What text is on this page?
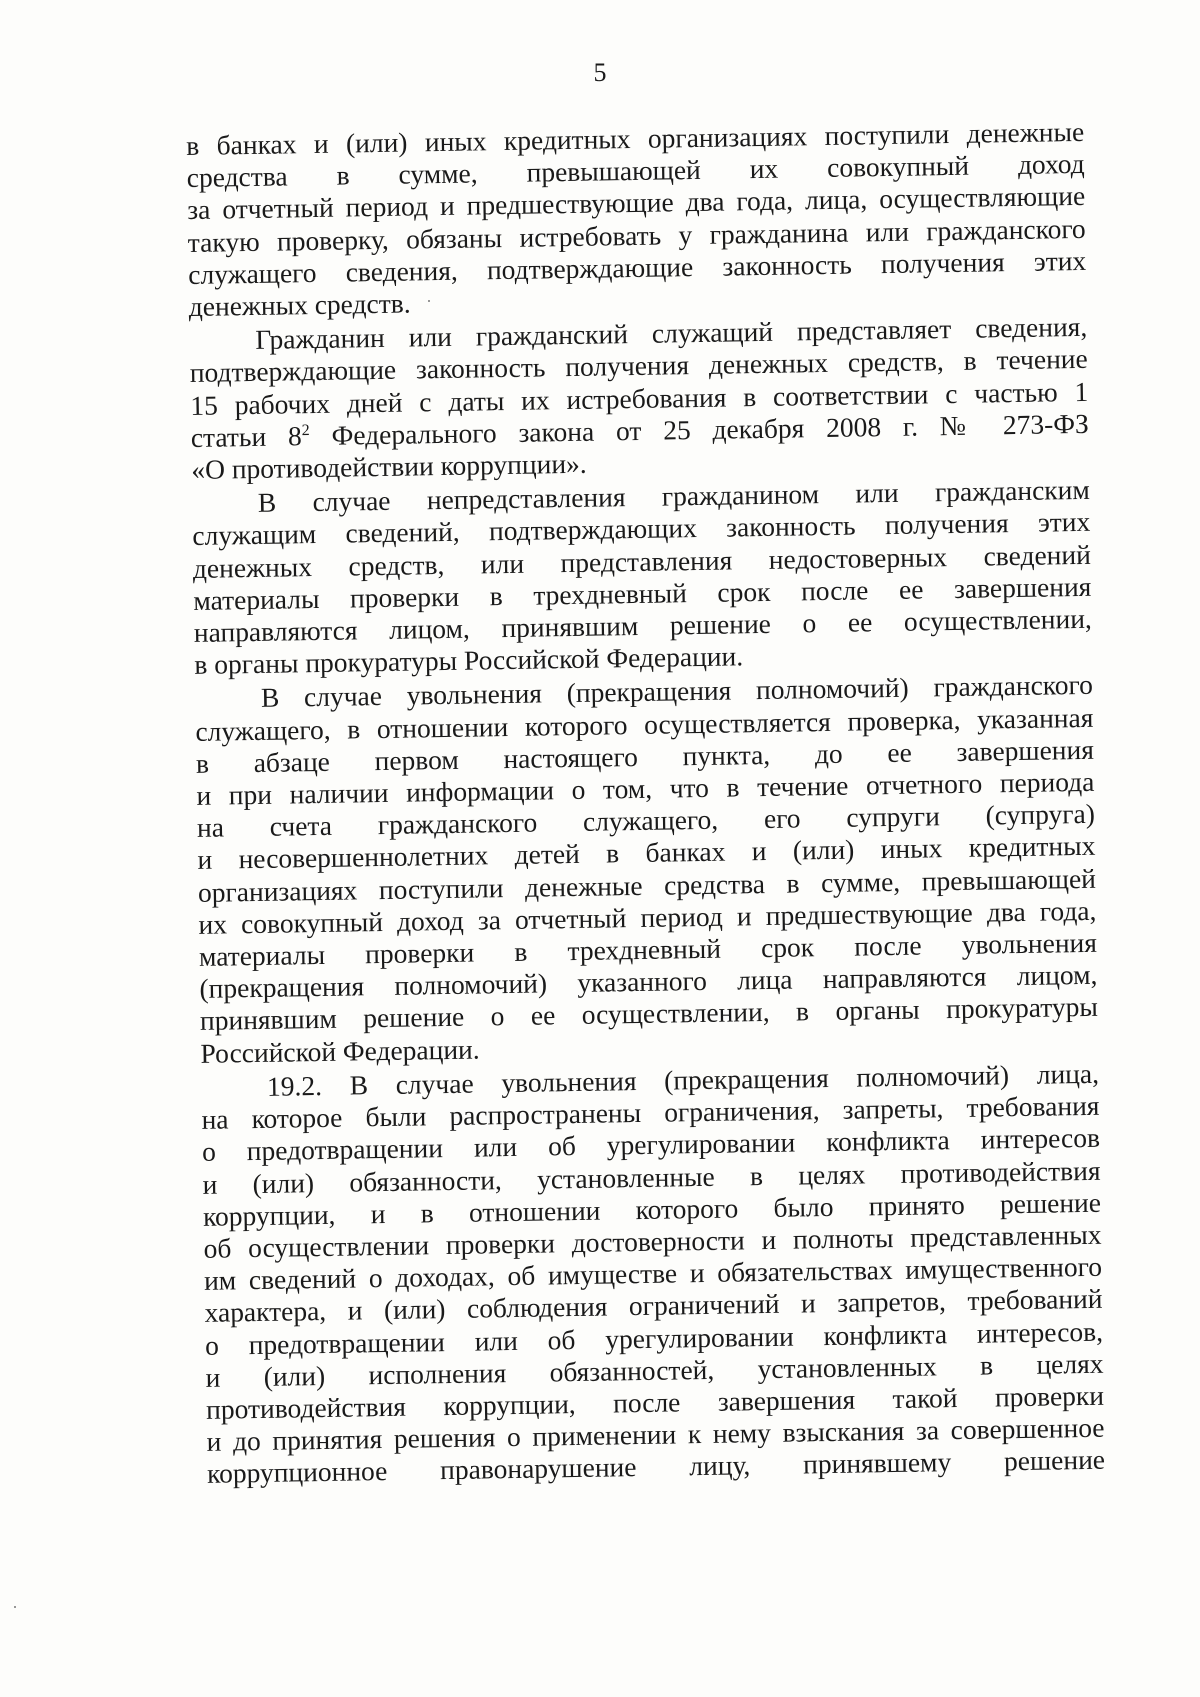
5
в банках и (или) иных кредитных организациях поступили денежные
средства в сумме, превышающей их совокупный доход
за отчетный период и предшествующие два года, лица, осуществляющие
такую проверку, обязаны истребовать у гражданина или гражданского
служащего сведения, подтверждающие законность получения этих
денежных средств.
Гражданин или гражданский служащий представляет сведения,
подтверждающие законность получения денежных средств, в течение
15 рабочих дней с даты их истребования в соответствии с частью 1
статьи $8^2$ Федерального закона от 25 декабря 2008 г. № 273-ФЗ
«О противодействии коррупции».
В случае непредставления гражданином или гражданским
служащим сведений, подтверждающих законность получения этих
денежных средств, или представления недостоверных сведений
материалы проверки в трехдневный срок после ее завершения
направляются лицом, принявшим решение о ее осуществлении,
в органы прокуратуры Российской Федерации.
В случае увольнения (прекращения полномочий) гражданского
служащего, в отношении которого осуществляется проверка, указанная
в абзаце первом настоящего пункта, до ее завершения
и при наличии информации о том, что в течение отчетного периода
на счета гражданского служащего, его супруги (супруга)
и несовершеннолетних детей в банках и (или) иных кредитных
организациях поступили денежные средства в сумме, превышающей
их совокупный доход за отчетный период и предшествующие два года,
материалы проверки в трехдневный срок после увольнения
(прекращения полномочий) указанного лица направляются лицом,
принявшим решение о ее осуществлении, в органы прокуратуры
Российской Федерации.
19.2. В случае увольнения (прекращения полномочий) лица,
на которое были распространены ограничения, запреты, требования
о предотвращении или об урегулировании конфликта интересов
и (или) обязанности, установленные в целях противодействия
коррупции, и в отношении которого было принято решение
об осуществлении проверки достоверности и полноты представленных
им сведений о доходах, об имуществе и обязательствах имущественного
характера, и (или) соблюдения ограничений и запретов, требований
о предотвращении или об урегулировании конфликта интересов,
и (или) исполнения обязанностей, установленных в целях
противодействия коррупции, после завершения такой проверки
и до принятия решения о применении к нему взыскания за совершенное
коррупционное правонарушение лицу, принявшему решение
